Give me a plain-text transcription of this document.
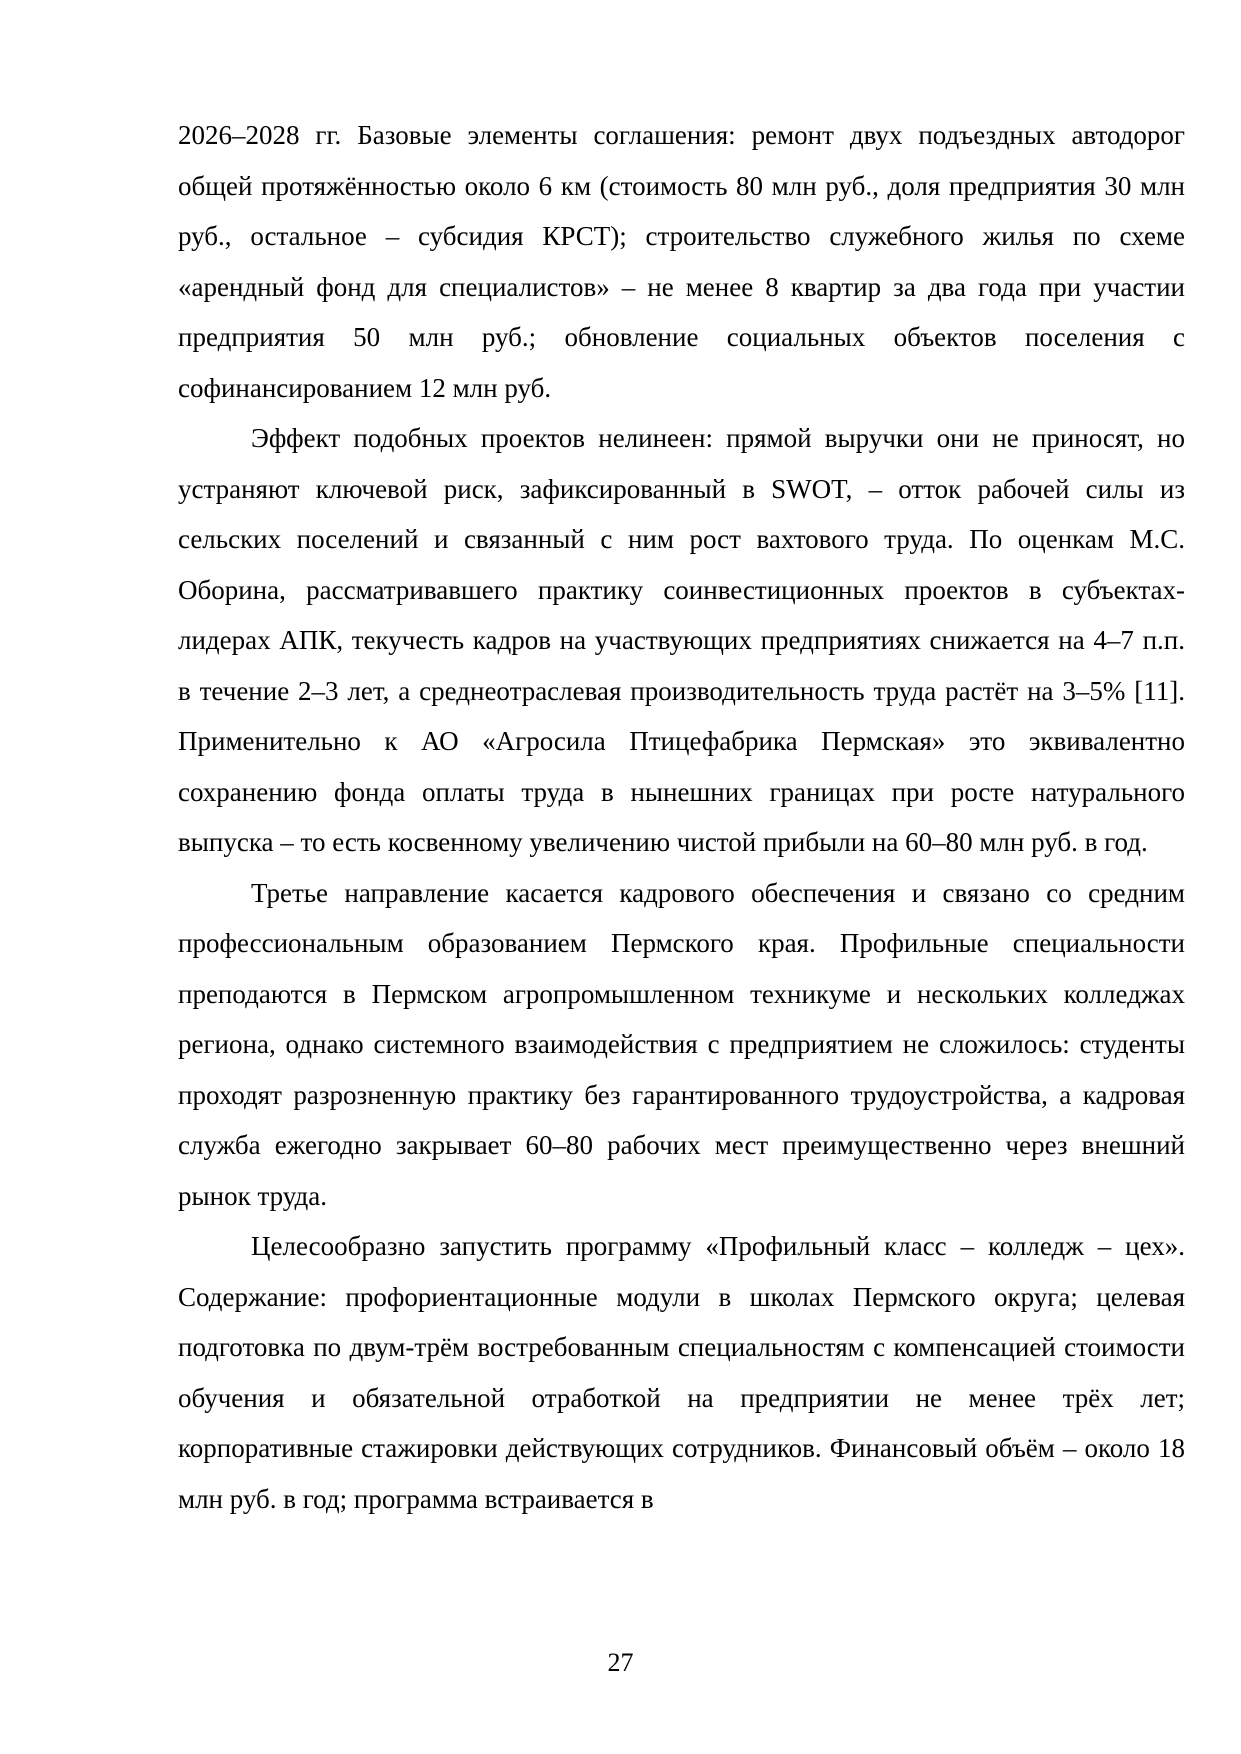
2026–2028 гг. Базовые элементы соглашения: ремонт двух подъездных автодорог общей протяжённостью около 6 км (стоимость 80 млн руб., доля предприятия 30 млн руб., остальное – субсидия КРСТ); строительство служебного жилья по схеме «арендный фонд для специалистов» – не менее 8 квартир за два года при участии предприятия 50 млн руб.; обновление социальных объектов поселения с софинансированием 12 млн руб.

Эффект подобных проектов нелинеен: прямой выручки они не приносят, но устраняют ключевой риск, зафиксированный в SWOT, – отток рабочей силы из сельских поселений и связанный с ним рост вахтового труда. По оценкам М.С. Оборина, рассматривавшего практику соинвестиционных проектов в субъектах-лидерах АПК, текучесть кадров на участвующих предприятиях снижается на 4–7 п.п. в течение 2–3 лет, а среднеотраслевая производительность труда растёт на 3–5% [11]. Применительно к АО «Агросила Птицефабрика Пермская» это эквивалентно сохранению фонда оплаты труда в нынешних границах при росте натурального выпуска – то есть косвенному увеличению чистой прибыли на 60–80 млн руб. в год.

Третье направление касается кадрового обеспечения и связано со средним профессиональным образованием Пермского края. Профильные специальности преподаются в Пермском агропромышленном техникуме и нескольких колледжах региона, однако системного взаимодействия с предприятием не сложилось: студенты проходят разрозненную практику без гарантированного трудоустройства, а кадровая служба ежегодно закрывает 60–80 рабочих мест преимущественно через внешний рынок труда.

Целесообразно запустить программу «Профильный класс – колледж – цех». Содержание: профориентационные модули в школах Пермского округа; целевая подготовка по двум-трём востребованным специальностям с компенсацией стоимости обучения и обязательной отработкой на предприятии не менее трёх лет; корпоративные стажировки действующих сотрудников. Финансовый объём – около 18 млн руб. в год; программа встраивается в

27
